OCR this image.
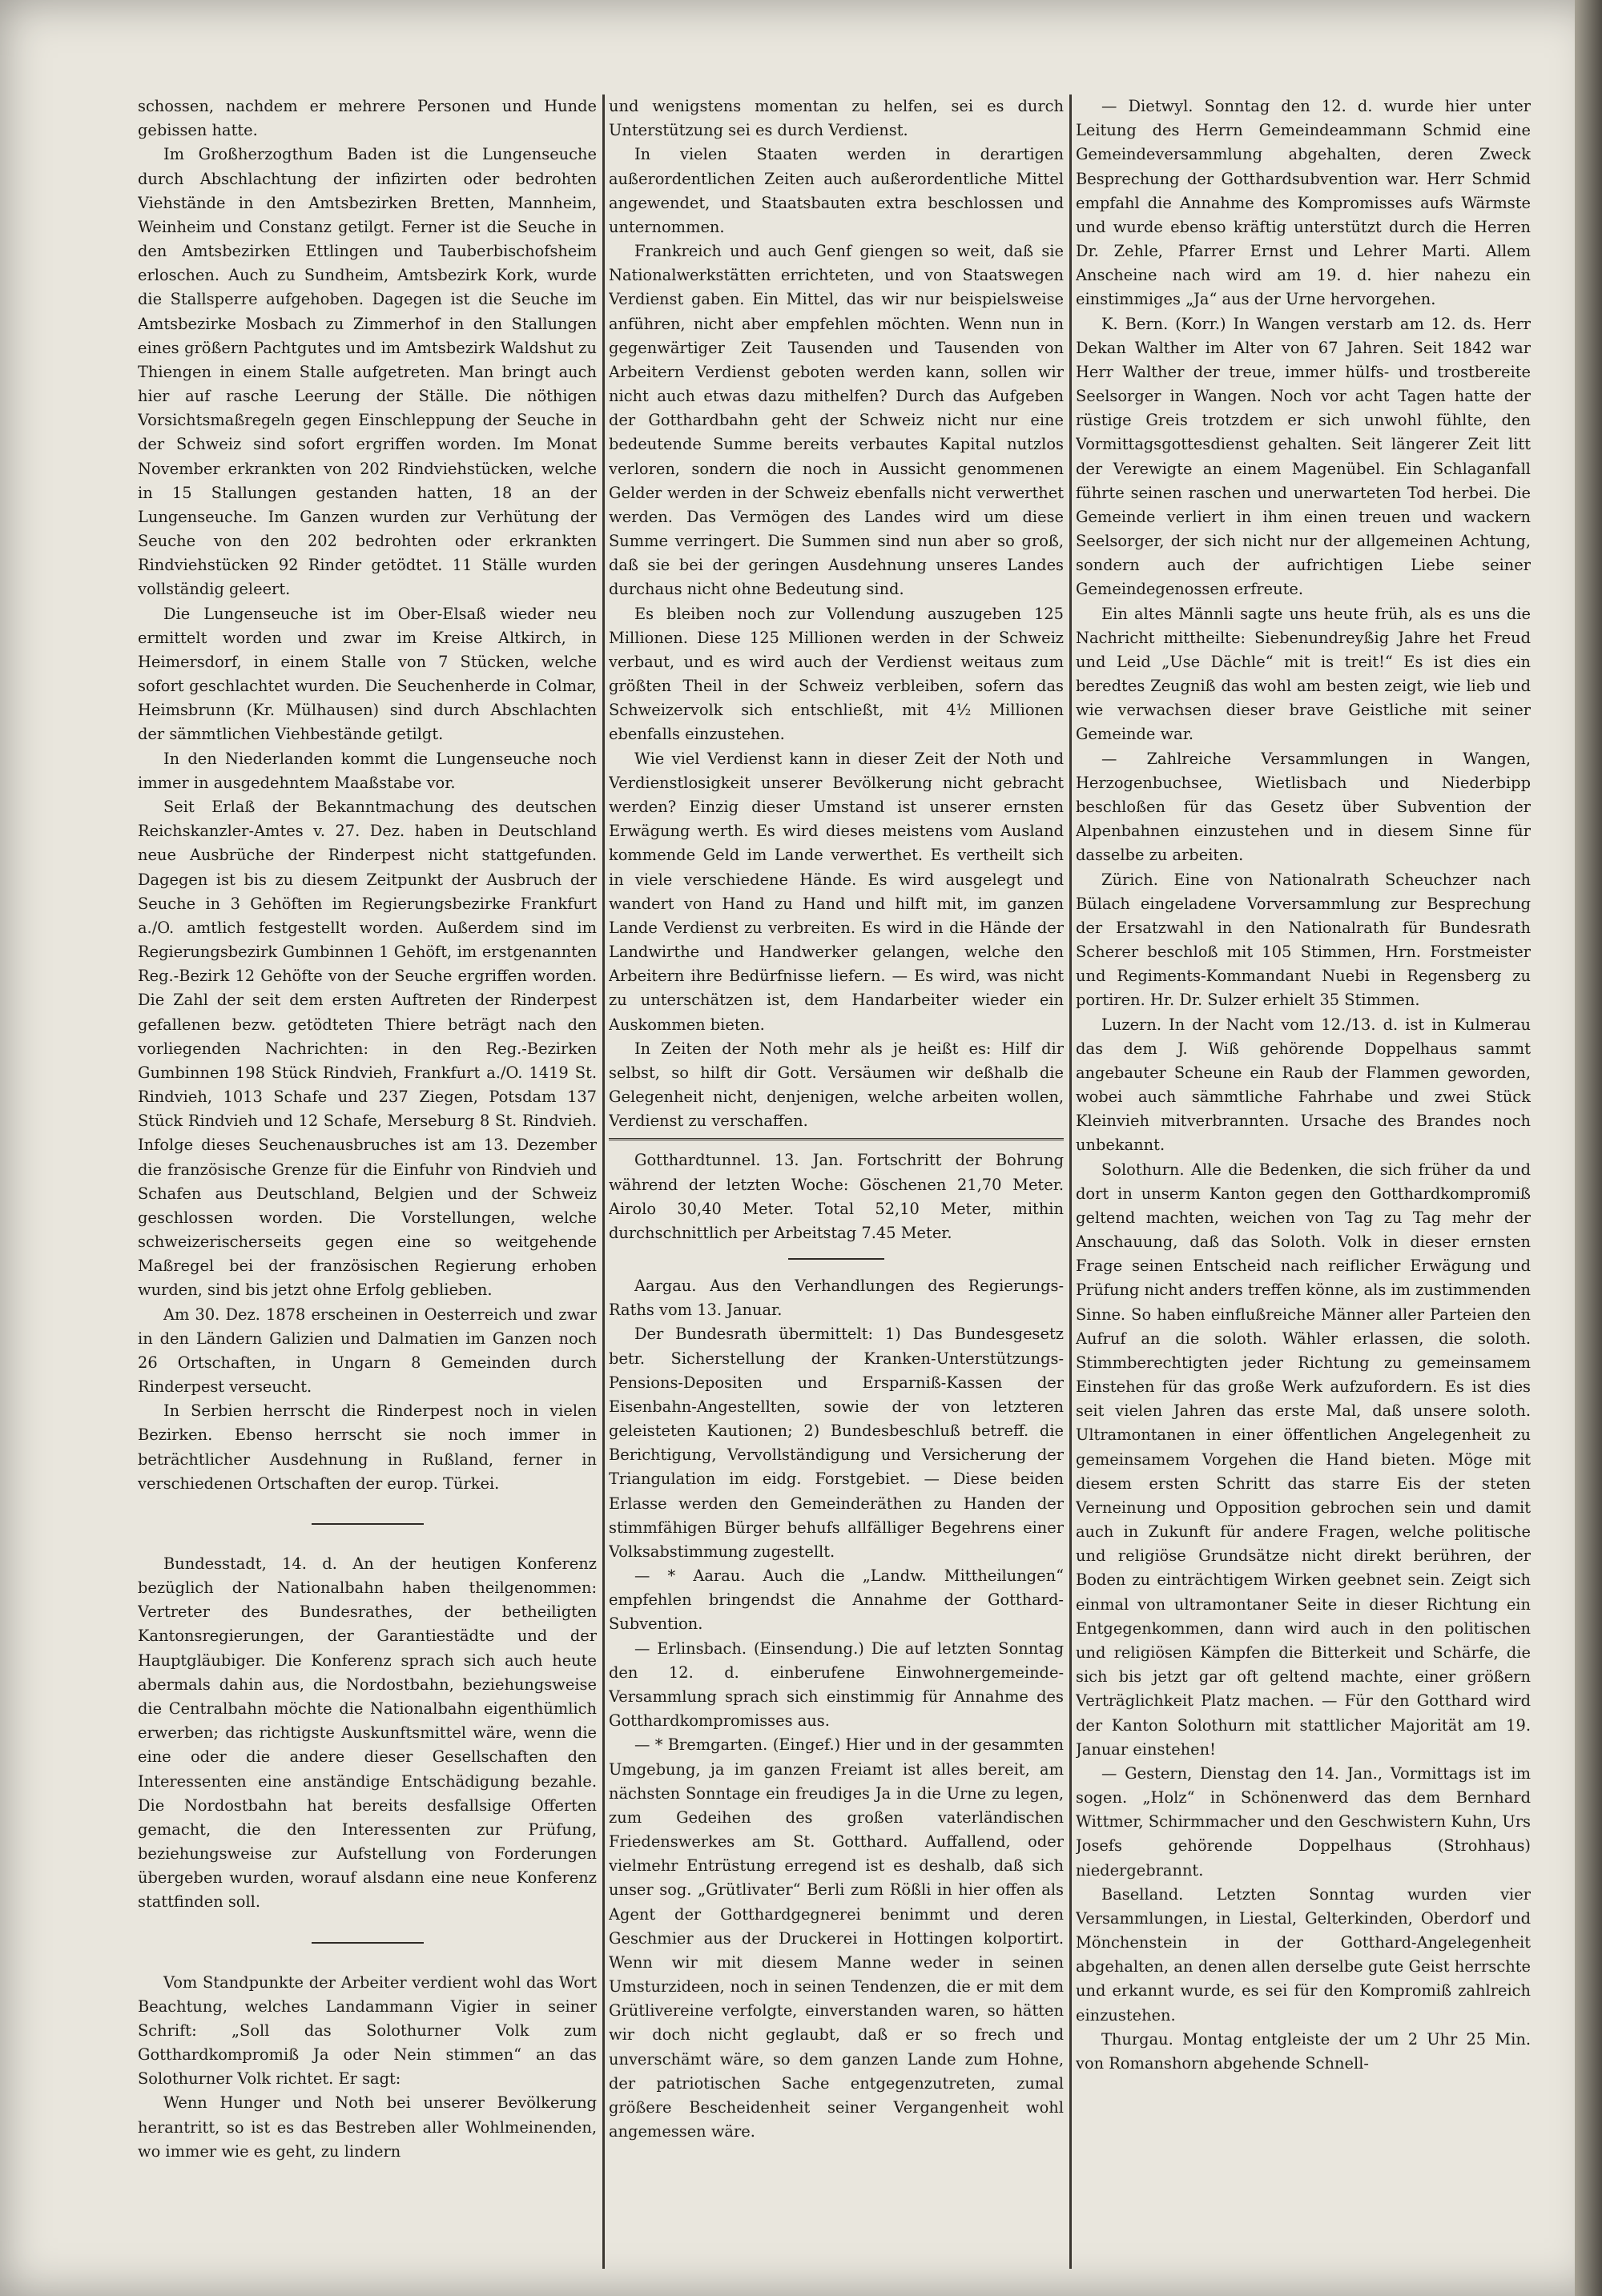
schossen, nachdem er mehrere Personen und Hunde gebissen hatte.

Im Großherzogthum Baden ist die Lungenseuche durch Abschlachtung der infizirten oder bedrohten Viehstände in den Amtsbezirken Bretten, Mannheim, Weinheim und Constanz getilgt. Ferner ist die Seuche in den Amtsbezirken Ettlingen und Tauberbischofsheim erloschen. Auch zu Sundheim, Amtsbezirk Kork, wurde die Stallsperre aufgehoben. Dagegen ist die Seuche im Amtsbezirke Mosbach zu Zimmerhof in den Stallungen eines größern Pachtgutes und im Amtsbezirk Waldshut zu Thiengen in einem Stalle aufgetreten. Man bringt auch hier auf rasche Leerung der Ställe. Die nöthigen Vorsichtsmaßregeln gegen Einschleppung der Seuche in der Schweiz sind sofort ergriffen worden. Im Monat November erkrankten von 202 Rindviehstücken, welche in 15 Stallungen gestanden hatten, 18 an der Lungenseuche. Im Ganzen wurden zur Verhütung der Seuche von den 202 bedrohten oder erkrankten Rindviehstücken 92 Rinder getödtet. 11 Ställe wurden vollständig geleert.

Die Lungenseuche ist im Ober-Elsaß wieder neu ermittelt worden und zwar im Kreise Altkirch, in Heimersdorf, in einem Stalle von 7 Stücken, welche sofort geschlachtet wurden. Die Seuchenherde in Colmar, Heimsbrunn (Kr. Mülhausen) sind durch Abschlachten der sämmtlichen Viehbestände getilgt.

In den Niederlanden kommt die Lungenseuche noch immer in ausgedehntem Maaßstabe vor.

Seit Erlaß der Bekanntmachung des deutschen Reichskanzler-Amtes v. 27. Dez. haben in Deutschland neue Ausbrüche der Rinderpest nicht stattgefunden. Dagegen ist bis zu diesem Zeitpunkt der Ausbruch der Seuche in 3 Gehöften im Regierungsbezirke Frankfurt a./O. amtlich festgestellt worden. Außerdem sind im Regierungsbezirk Gumbinnen 1 Gehöft, im erstgenannten Reg.-Bezirk 12 Gehöfte von der Seuche ergriffen worden. Die Zahl der seit dem ersten Auftreten der Rinderpest gefallenen bezw. getödteten Thiere beträgt nach den vorliegenden Nachrichten: in den Reg.-Bezirken Gumbinnen 198 Stück Rindvieh, Frankfurt a./O. 1419 St. Rindvieh, 1013 Schafe und 237 Ziegen, Potsdam 137 Stück Rindvieh und 12 Schafe, Merseburg 8 St. Rindvieh. Infolge dieses Seuchenausbruches ist am 13. Dezember die französische Grenze für die Einfuhr von Rindvieh und Schafen aus Deutschland, Belgien und der Schweiz geschlossen worden. Die Vorstellungen, welche schweizerischerseits gegen eine so weitgehende Maßregel bei der französischen Regierung erhoben wurden, sind bis jetzt ohne Erfolg geblieben.

Am 30. Dez. 1878 erscheinen in Oesterreich und zwar in den Ländern Galizien und Dalmatien im Ganzen noch 26 Ortschaften, in Ungarn 8 Gemeinden durch Rinderpest verseucht.

In Serbien herrscht die Rinderpest noch in vielen Bezirken. Ebenso herrscht sie noch immer in beträchtlicher Ausdehnung in Rußland, ferner in verschiedenen Ortschaften der europ. Türkei.

Bundesstadt, 14. d. An der heutigen Konferenz bezüglich der Nationalbahn haben theilgenommen: Vertreter des Bundesrathes, der betheiligten Kantonsregierungen, der Garantiestädte und der Hauptgläubiger. Die Konferenz sprach sich auch heute abermals dahin aus, die Nordostbahn, beziehungsweise die Centralbahn möchte die Nationalbahn eigenthümlich erwerben; das richtigste Auskunftsmittel wäre, wenn die eine oder die andere dieser Gesellschaften den Interessenten eine anständige Entschädigung bezahle. Die Nordostbahn hat bereits desfallsige Offerten gemacht, die den Interessenten zur Prüfung, beziehungsweise zur Aufstellung von Forderungen übergeben wurden, worauf alsdann eine neue Konferenz stattfinden soll.

Vom Standpunkte der Arbeiter verdient wohl das Wort Beachtung, welches Landammann Vigier in seiner Schrift: „Soll das Solothurner Volk zum Gotthardkompromiß Ja oder Nein stimmen“ an das Solothurner Volk richtet. Er sagt:

Wenn Hunger und Noth bei unserer Bevölkerung herantritt, so ist es das Bestreben aller Wohlmeinenden, wo immer wie es geht, zu lindern

und wenigstens momentan zu helfen, sei es durch Unterstützung sei es durch Verdienst.

In vielen Staaten werden in derartigen außerordentlichen Zeiten auch außerordentliche Mittel angewendet, und Staatsbauten extra beschlossen und unternommen.

Frankreich und auch Genf giengen so weit, daß sie Nationalwerkstätten errichteten, und von Staatswegen Verdienst gaben. Ein Mittel, das wir nur beispielsweise anführen, nicht aber empfehlen möchten. Wenn nun in gegenwärtiger Zeit Tausenden und Tausenden von Arbeitern Verdienst geboten werden kann, sollen wir nicht auch etwas dazu mithelfen? Durch das Aufgeben der Gotthardbahn geht der Schweiz nicht nur eine bedeutende Summe bereits verbautes Kapital nutzlos verloren, sondern die noch in Aussicht genommenen Gelder werden in der Schweiz ebenfalls nicht verwerthet werden. Das Vermögen des Landes wird um diese Summe verringert. Die Summen sind nun aber so groß, daß sie bei der geringen Ausdehnung unseres Landes durchaus nicht ohne Bedeutung sind.

Es bleiben noch zur Vollendung auszugeben 125 Millionen. Diese 125 Millionen werden in der Schweiz verbaut, und es wird auch der Verdienst weitaus zum größten Theil in der Schweiz verbleiben, sofern das Schweizervolk sich entschließt, mit 4½ Millionen ebenfalls einzustehen.

Wie viel Verdienst kann in dieser Zeit der Noth und Verdienstlosigkeit unserer Bevölkerung nicht gebracht werden? Einzig dieser Umstand ist unserer ernsten Erwägung werth. Es wird dieses meistens vom Ausland kommende Geld im Lande verwerthet. Es vertheilt sich in viele verschiedene Hände. Es wird ausgelegt und wandert von Hand zu Hand und hilft mit, im ganzen Lande Verdienst zu verbreiten. Es wird in die Hände der Landwirthe und Handwerker gelangen, welche den Arbeitern ihre Bedürfnisse liefern. — Es wird, was nicht zu unterschätzen ist, dem Handarbeiter wieder ein Auskommen bieten.

In Zeiten der Noth mehr als je heißt es: Hilf dir selbst, so hilft dir Gott. Versäumen wir deßhalb die Gelegenheit nicht, denjenigen, welche arbeiten wollen, Verdienst zu verschaffen.

Gotthardtunnel. 13. Jan. Fortschritt der Bohrung während der letzten Woche: Göschenen 21,70 Meter. Airolo 30,40 Meter. Total 52,10 Meter, mithin durchschnittlich per Arbeitstag 7.45 Meter.

Aargau. Aus den Verhandlungen des Regierungs-Raths vom 13. Januar.

Der Bundesrath übermittelt: 1) Das Bundesgesetz betr. Sicherstellung der Kranken-Unterstützungs-Pensions-Depositen und Ersparniß-Kassen der Eisenbahn-Angestellten, sowie der von letzteren geleisteten Kautionen; 2) Bundesbeschluß betreff. die Berichtigung, Vervollständigung und Versicherung der Triangulation im eidg. Forstgebiet. — Diese beiden Erlasse werden den Gemeinderäthen zu Handen der stimmfähigen Bürger behufs allfälliger Begehrens einer Volksabstimmung zugestellt.

— * Aarau. Auch die „Landw. Mittheilungen“ empfehlen bringendst die Annahme der Gotthard-Subvention.

— Erlinsbach. (Einsendung.) Die auf letzten Sonntag den 12. d. einberufene Einwohnergemeinde-Versammlung sprach sich einstimmig für Annahme des Gotthardkompromisses aus.

— * Bremgarten. (Eingef.) Hier und in der gesammten Umgebung, ja im ganzen Freiamt ist alles bereit, am nächsten Sonntage ein freudiges Ja in die Urne zu legen, zum Gedeihen des großen vaterländischen Friedenswerkes am St. Gotthard. Auffallend, oder vielmehr Entrüstung erregend ist es deshalb, daß sich unser sog. „Grütlivater“ Berli zum Rößli in hier offen als Agent der Gotthardgegnerei benimmt und deren Geschmier aus der Druckerei in Hottingen kolportirt. Wenn wir mit diesem Manne weder in seinen Umsturzideen, noch in seinen Tendenzen, die er mit dem Grütlivereine verfolgte, einverstanden waren, so hätten wir doch nicht geglaubt, daß er so frech und unverschämt wäre, so dem ganzen Lande zum Hohne, der patriotischen Sache entgegenzutreten, zumal größere Bescheidenheit seiner Vergangenheit wohl angemessen wäre.

— Dietwyl. Sonntag den 12. d. wurde hier unter Leitung des Herrn Gemeindeammann Schmid eine Gemeindeversammlung abgehalten, deren Zweck Besprechung der Gotthardsubvention war. Herr Schmid empfahl die Annahme des Kompromisses aufs Wärmste und wurde ebenso kräftig unterstützt durch die Herren Dr. Zehle, Pfarrer Ernst und Lehrer Marti. Allem Anscheine nach wird am 19. d. hier nahezu ein einstimmiges „Ja“ aus der Urne hervorgehen.

K. Bern. (Korr.) In Wangen verstarb am 12. ds. Herr Dekan Walther im Alter von 67 Jahren. Seit 1842 war Herr Walther der treue, immer hülfs- und trostbereite Seelsorger in Wangen. Noch vor acht Tagen hatte der rüstige Greis trotzdem er sich unwohl fühlte, den Vormittagsgottesdienst gehalten. Seit längerer Zeit litt der Verewigte an einem Magenübel. Ein Schlaganfall führte seinen raschen und unerwarteten Tod herbei. Die Gemeinde verliert in ihm einen treuen und wackern Seelsorger, der sich nicht nur der allgemeinen Achtung, sondern auch der aufrichtigen Liebe seiner Gemeindegenossen erfreute.

Ein altes Männli sagte uns heute früh, als es uns die Nachricht mittheilte: Siebenundreyßig Jahre het Freud und Leid „Use Dächle“ mit is treit!“ Es ist dies ein beredtes Zeugniß das wohl am besten zeigt, wie lieb und wie verwachsen dieser brave Geistliche mit seiner Gemeinde war.

— Zahlreiche Versammlungen in Wangen, Herzogenbuchsee, Wietlisbach und Niederbipp beschloßen für das Gesetz über Subvention der Alpenbahnen einzustehen und in diesem Sinne für dasselbe zu arbeiten.

Zürich. Eine von Nationalrath Scheuchzer nach Bülach eingeladene Vorversammlung zur Besprechung der Ersatzwahl in den Nationalrath für Bundesrath Scherer beschloß mit 105 Stimmen, Hrn. Forstmeister und Regiments-Kommandant Nuebi in Regensberg zu portiren. Hr. Dr. Sulzer erhielt 35 Stimmen.

Luzern. In der Nacht vom 12./13. d. ist in Kulmerau das dem J. Wiß gehörende Doppelhaus sammt angebauter Scheune ein Raub der Flammen geworden, wobei auch sämmtliche Fahrhabe und zwei Stück Kleinvieh mitverbrannten. Ursache des Brandes noch unbekannt.

Solothurn. Alle die Bedenken, die sich früher da und dort in unserm Kanton gegen den Gotthardkompromiß geltend machten, weichen von Tag zu Tag mehr der Anschauung, daß das Soloth. Volk in dieser ernsten Frage seinen Entscheid nach reiflicher Erwägung und Prüfung nicht anders treffen könne, als im zustimmenden Sinne. So haben einflußreiche Männer aller Parteien den Aufruf an die soloth. Wähler erlassen, die soloth. Stimmberechtigten jeder Richtung zu gemeinsamem Einstehen für das große Werk aufzufordern. Es ist dies seit vielen Jahren das erste Mal, daß unsere soloth. Ultramontanen in einer öffentlichen Angelegenheit zu gemeinsamem Vorgehen die Hand bieten. Möge mit diesem ersten Schritt das starre Eis der steten Verneinung und Opposition gebrochen sein und damit auch in Zukunft für andere Fragen, welche politische und religiöse Grundsätze nicht direkt berühren, der Boden zu einträchtigem Wirken geebnet sein. Zeigt sich einmal von ultramontaner Seite in dieser Richtung ein Entgegenkommen, dann wird auch in den politischen und religiösen Kämpfen die Bitterkeit und Schärfe, die sich bis jetzt gar oft geltend machte, einer größern Verträglichkeit Platz machen. — Für den Gotthard wird der Kanton Solothurn mit stattlicher Majorität am 19. Januar einstehen!

— Gestern, Dienstag den 14. Jan., Vormittags ist im sogen. „Holz“ in Schönenwerd das dem Bernhard Wittmer, Schirmmacher und den Geschwistern Kuhn, Urs Josefs gehörende Doppelhaus (Strohhaus) niedergebrannt.

Baselland. Letzten Sonntag wurden vier Versammlungen, in Liestal, Gelterkinden, Oberdorf und Mönchenstein in der Gotthard-Angelegenheit abgehalten, an denen allen derselbe gute Geist herrschte und erkannt wurde, es sei für den Kompromiß zahlreich einzustehen.

Thurgau. Montag entgleiste der um 2 Uhr 25 Min. von Romanshorn abgehende Schnell-
